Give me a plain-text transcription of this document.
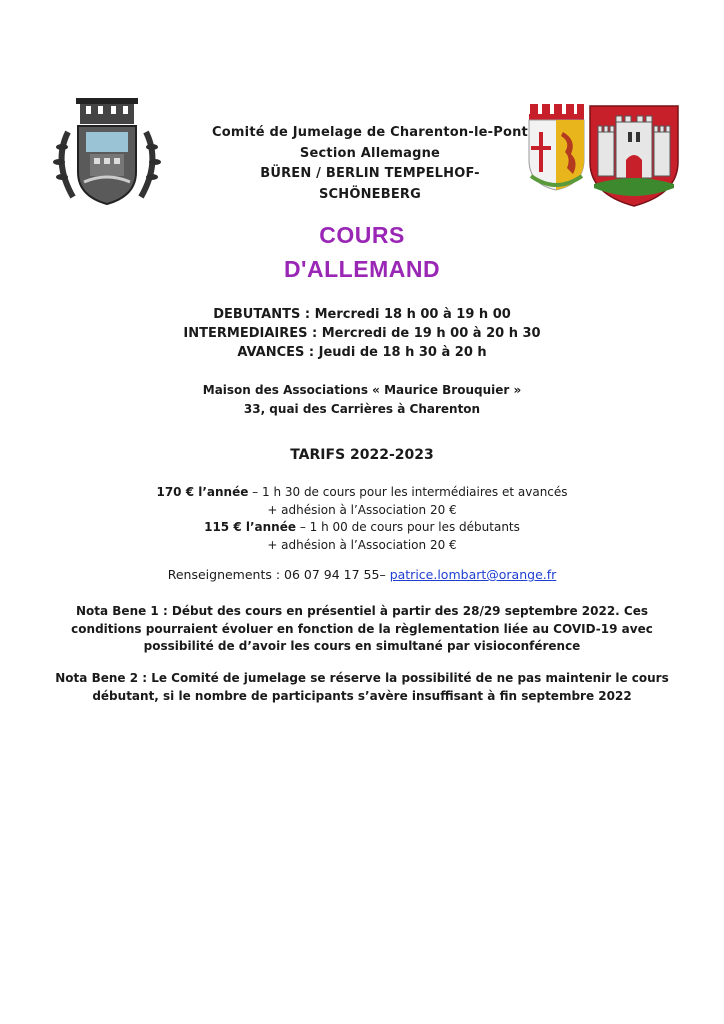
Comité de Jumelage de Charenton-le-Pont
Section Allemagne
BÜREN / BERLIN TEMPELHOF-
SCHÖNEBERG
COURS
D'ALLEMAND
DEBUTANTS : Mercredi 18 h 00 à 19 h 00
INTERMEDIAIRES : Mercredi de 19 h 00 à 20 h 30
AVANCES : Jeudi de 18 h 30 à 20 h
Maison des Associations « Maurice Brouquier »
33, quai des Carrières à Charenton
TARIFS 2022-2023
170 € l’année – 1 h 30 de cours pour les intermédiaires et avancés
+ adhésion à l’Association 20 €
115 € l’année – 1 h 00 de cours pour les débutants
+ adhésion à l’Association 20 €
Renseignements : 06 07 94 17 55– patrice.lombart@orange.fr
Nota Bene 1 : Début des cours en présentiel à partir des 28/29 septembre 2022. Ces
conditions pourraient évoluer en fonction de la règlementation liée au COVID-19 avec
possibilité de d’avoir les cours en simultané par visioconférence
Nota Bene 2 : Le Comité de jumelage se réserve la possibilité de ne pas maintenir le cours
débutant, si le nombre de participants s’avère insuffisant à fin septembre 2022
